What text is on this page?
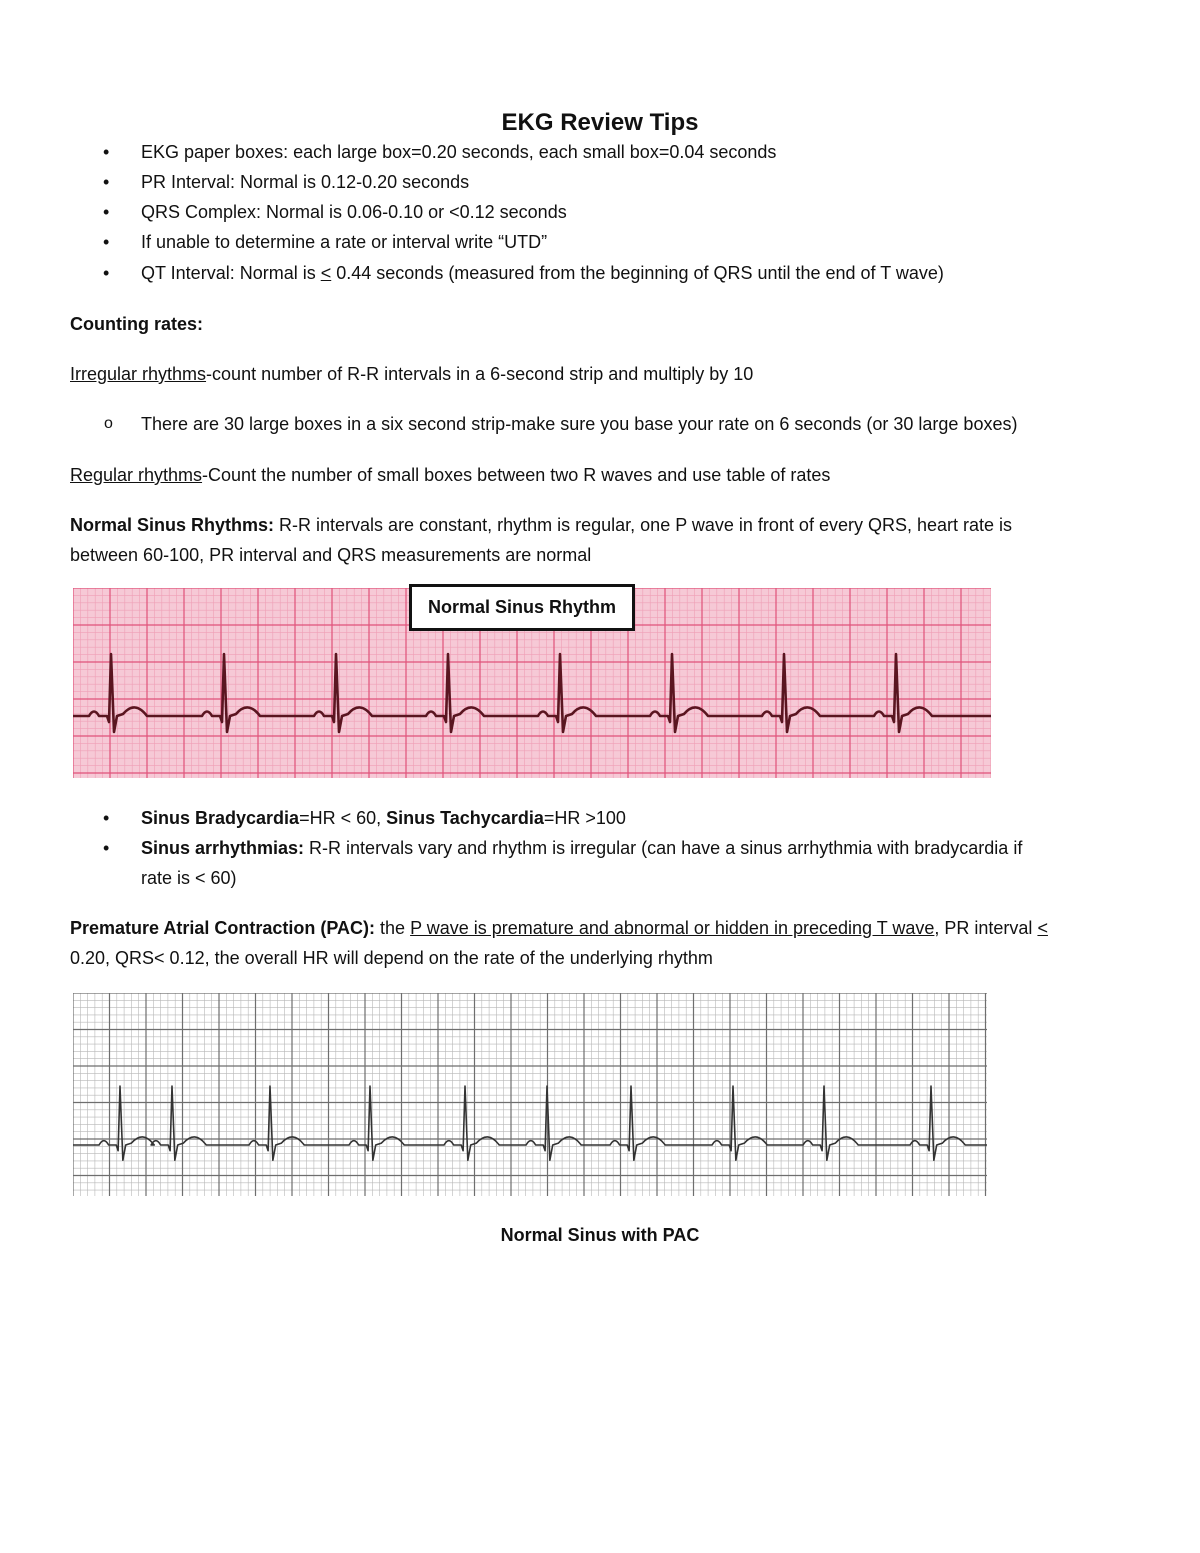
EKG Review Tips
• EKG paper boxes: each large box=0.20 seconds, each small box=0.04 seconds
• PR Interval: Normal is 0.12-0.20 seconds
• QRS Complex: Normal is 0.06-0.10 or <0.12 seconds
• If unable to determine a rate or interval write “UTD”
• QT Interval: Normal is < 0.44 seconds (measured from the beginning of QRS until the end of T wave)
Counting rates:
Irregular rhythms-count number of R-R intervals in a 6-second strip and multiply by 10
o There are 30 large boxes in a six second strip-make sure you base your rate on 6 seconds (or 30 large boxes)
Regular rhythms-Count the number of small boxes between two R waves and use table of rates
Normal Sinus Rhythms: R-R intervals are constant, rhythm is regular, one P wave in front of every QRS, heart rate is
between 60-100, PR interval and QRS measurements are normal
Normal Sinus Rhythm
• Sinus Bradycardia=HR < 60, Sinus Tachycardia=HR >100
• Sinus arrhythmias: R-R intervals vary and rhythm is irregular (can have a sinus arrhythmia with bradycardia if
rate is < 60)
Premature Atrial Contraction (PAC): the P wave is premature and abnormal or hidden in preceding T wave, PR interval <
0.20, QRS< 0.12, the overall HR will depend on the rate of the underlying rhythm
Normal Sinus with PAC
